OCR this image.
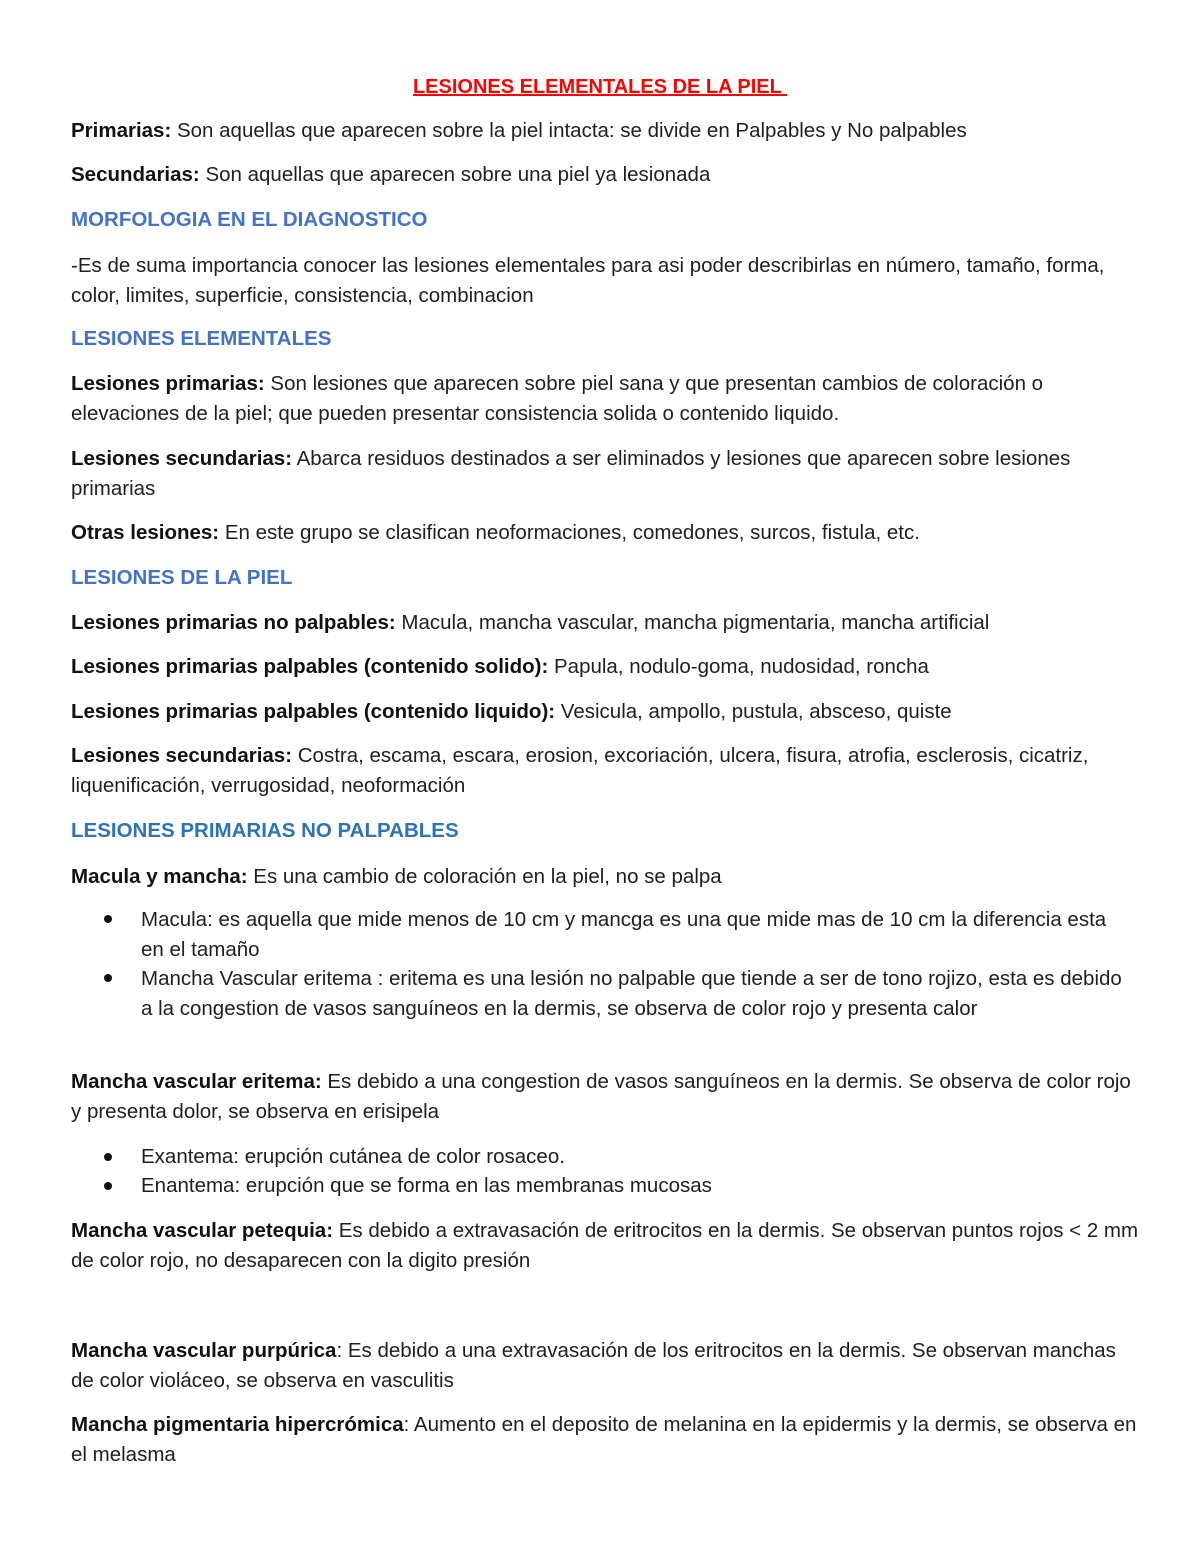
LESIONES ELEMENTALES DE LA PIEL

Primarias: Son aquellas que aparecen sobre la piel intacta: se divide en Palpables y No palpables

Secundarias: Son aquellas que aparecen sobre una piel ya lesionada

MORFOLOGIA EN EL DIAGNOSTICO

-Es de suma importancia conocer las lesiones elementales para asi poder describirlas en número, tamaño, forma, color, limites, superficie, consistencia, combinacion

LESIONES ELEMENTALES

Lesiones primarias: Son lesiones que aparecen sobre piel sana y que presentan cambios de coloración o elevaciones de la piel; que pueden presentar consistencia solida o contenido liquido.

Lesiones secundarias: Abarca residuos destinados a ser eliminados y lesiones que aparecen sobre lesiones primarias

Otras lesiones: En este grupo se clasifican neoformaciones, comedones, surcos, fistula, etc.

LESIONES DE LA PIEL

Lesiones primarias no palpables: Macula, mancha vascular, mancha pigmentaria, mancha artificial

Lesiones primarias palpables (contenido solido): Papula, nodulo-goma, nudosidad, roncha

Lesiones primarias palpables (contenido liquido): Vesicula, ampollo, pustula, absceso, quiste

Lesiones secundarias: Costra, escama, escara, erosion, excoriación, ulcera, fisura, atrofia, esclerosis, cicatriz, liquenificación, verrugosidad, neoformación

LESIONES PRIMARIAS NO PALPABLES

Macula y mancha: Es una cambio de coloración en la piel, no se palpa

Macula: es aquella que mide menos de 10 cm y mancga es una que mide mas de 10 cm la diferencia esta en el tamaño
Mancha Vascular eritema : eritema es una lesión no palpable que tiende a ser de tono rojizo, esta es debido a la congestion de vasos sanguíneos en la dermis, se observa de color rojo y presenta calor

Mancha vascular eritema: Es debido a una congestion de vasos sanguíneos en la dermis. Se observa de color rojo y presenta dolor, se observa en erisipela

Exantema: erupción cutánea de color rosaceo.
Enantema: erupción que se forma en las membranas mucosas

Mancha vascular petequia: Es debido a extravasación de eritrocitos en la dermis. Se observan puntos rojos < 2 mm de color rojo, no desaparecen con la digito presión

Mancha vascular purpúrica: Es debido a una extravasación de los eritrocitos en la dermis. Se observan manchas de color violáceo, se observa en vasculitis

Mancha pigmentaria hipercrómica: Aumento en el deposito de melanina en la epidermis y la dermis, se observa en el melasma
